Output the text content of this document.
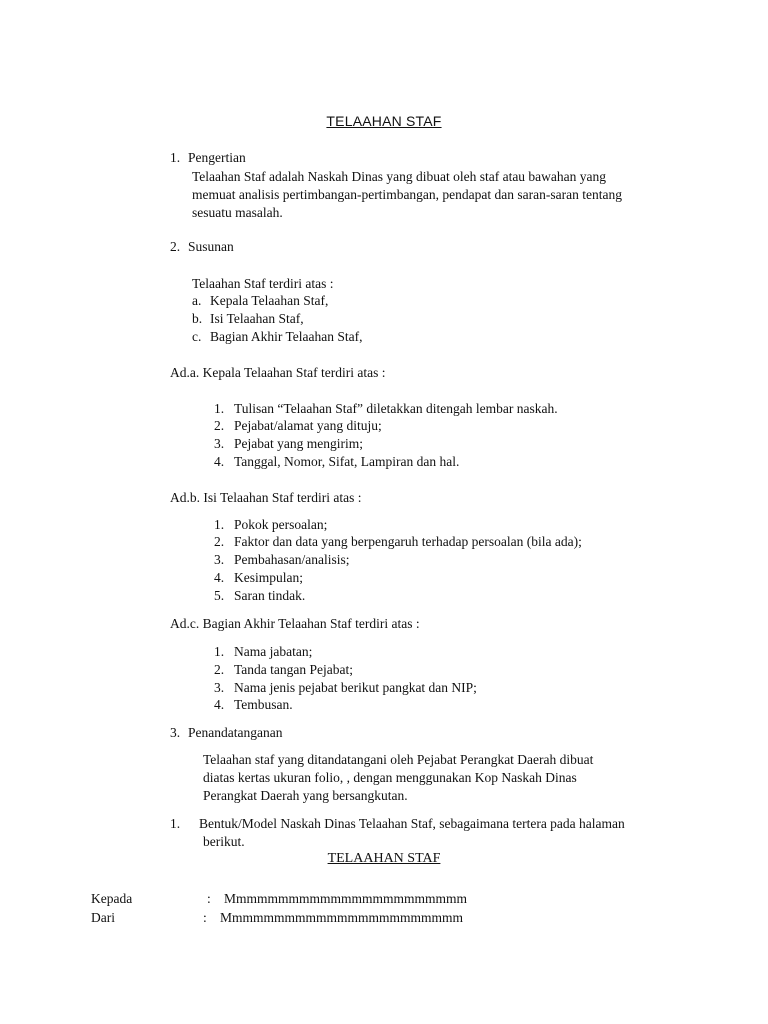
TELAAHAN STAF
1. Pengertian
Telaahan Staf adalah Naskah Dinas yang dibuat oleh staf atau bawahan yang
memuat analisis pertimbangan-pertimbangan, pendapat dan saran-saran tentang
sesuatu masalah.
2. Susunan
Telaahan Staf terdiri atas :
a. Kepala Telaahan Staf,
b. Isi Telaahan Staf,
c. Bagian Akhir Telaahan Staf,
Ad.a. Kepala Telaahan Staf terdiri atas :
1. Tulisan “Telaahan Staf” diletakkan ditengah lembar naskah.
2. Pejabat/alamat yang dituju;
3. Pejabat yang mengirim;
4. Tanggal, Nomor, Sifat, Lampiran dan hal.
Ad.b. Isi Telaahan Staf terdiri atas :
1. Pokok persoalan;
2. Faktor dan data yang berpengaruh terhadap persoalan (bila ada);
3. Pembahasan/analisis;
4. Kesimpulan;
5. Saran tindak.
Ad.c. Bagian Akhir Telaahan Staf terdiri atas :
1. Nama jabatan;
2. Tanda tangan Pejabat;
3. Nama jenis pejabat berikut pangkat dan NIP;
4. Tembusan.
3. Penandatanganan
Telaahan staf yang ditandatangani oleh Pejabat Perangkat Daerah dibuat
diatas kertas ukuran folio, , dengan menggunakan Kop Naskah Dinas
Perangkat Daerah yang bersangkutan.
1. Bentuk/Model Naskah Dinas Telaahan Staf, sebagaimana tertera pada halaman
berikut.
TELAAHAN STAF
Kepada	: Mmmmmmmmmmmmmmmmmmmmmmm
Dari	: Mmmmmmmmmmmmmmmmmmmmmmm
